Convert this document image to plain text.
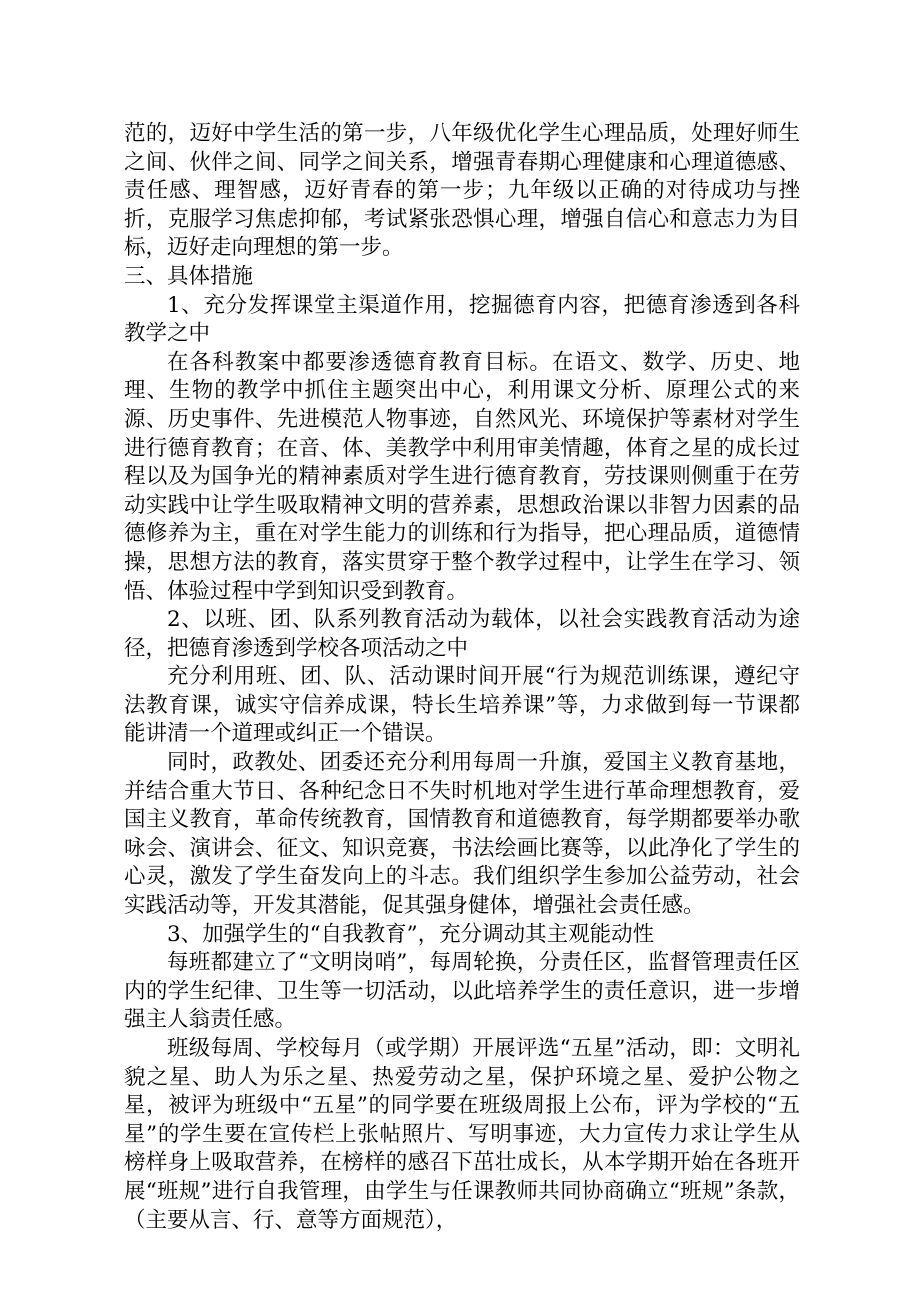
范的，迈好中学生活的第一步，八年级优化学生心理品质，处理好师生之间、伙伴之间、同学之间关系，增强青春期心理健康和心理道德感、责任感、理智感，迈好青春的第一步；九年级以正确的对待成功与挫折，克服学习焦虑抑郁，考试紧张恐惧心理，增强自信心和意志力为目标，迈好走向理想的第一步。

三、具体措施

1、充分发挥课堂主渠道作用，挖掘德育内容，把德育渗透到各科教学之中

在各科教案中都要渗透德育教育目标。在语文、数学、历史、地理、生物的教学中抓住主题突出中心，利用课文分析、原理公式的来源、历史事件、先进模范人物事迹，自然风光、环境保护等素材对学生进行德育教育；在音、体、美教学中利用审美情趣，体育之星的成长过程以及为国争光的精神素质对学生进行德育教育，劳技课则侧重于在劳动实践中让学生吸取精神文明的营养素，思想政治课以非智力因素的品德修养为主，重在对学生能力的训练和行为指导，把心理品质，道德情操，思想方法的教育，落实贯穿于整个教学过程中，让学生在学习、领悟、体验过程中学到知识受到教育。

2、以班、团、队系列教育活动为载体，以社会实践教育活动为途径，把德育渗透到学校各项活动之中

充分利用班、团、队、活动课时间开展“行为规范训练课，遵纪守法教育课，诚实守信养成课，特长生培养课”等，力求做到每一节课都能讲清一个道理或纠正一个错误。

同时，政教处、团委还充分利用每周一升旗，爱国主义教育基地，并结合重大节日、各种纪念日不失时机地对学生进行革命理想教育，爱国主义教育，革命传统教育，国情教育和道德教育，每学期都要举办歌咏会、演讲会、征文、知识竞赛，书法绘画比赛等，以此净化了学生的心灵，激发了学生奋发向上的斗志。我们组织学生参加公益劳动，社会实践活动等，开发其潜能，促其强身健体，增强社会责任感。

3、加强学生的“自我教育”，充分调动其主观能动性

每班都建立了“文明岗哨”，每周轮换，分责任区，监督管理责任区内的学生纪律、卫生等一切活动，以此培养学生的责任意识，进一步增强主人翁责任感。

班级每周、学校每月（或学期）开展评选“五星”活动，即：文明礼貌之星、助人为乐之星、热爱劳动之星，保护环境之星、爱护公物之星，被评为班级中“五星”的同学要在班级周报上公布，评为学校的“五星”的学生要在宣传栏上张帖照片、写明事迹，大力宣传力求让学生从榜样身上吸取营养，在榜样的感召下茁壮成长，从本学期开始在各班开展“班规”进行自我管理，由学生与任课教师共同协商确立“班规”条款，（主要从言、行、意等方面规范），
